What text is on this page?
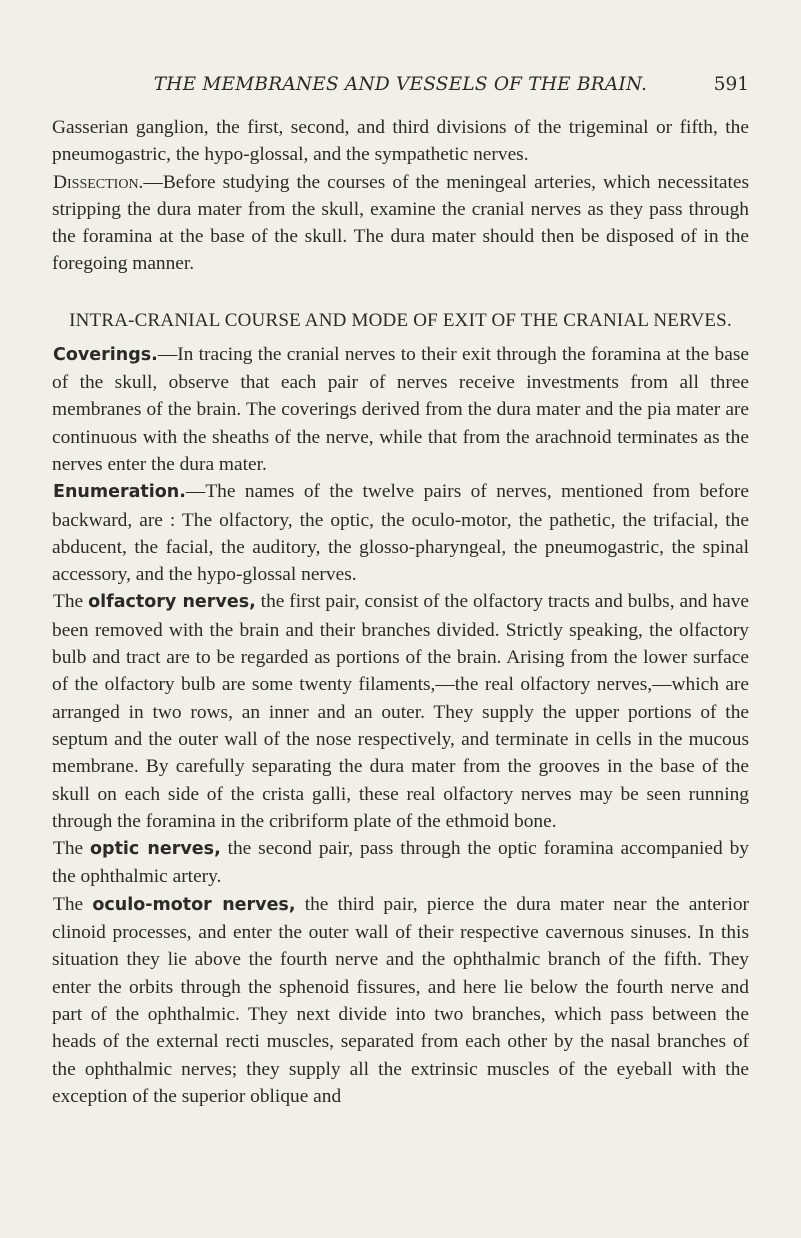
THE MEMBRANES AND VESSELS OF THE BRAIN.	591

Gasserian ganglion, the first, second, and third divisions of the trigeminal or fifth, the pneumogastric, the hypo-glossal, and the sympathetic nerves.

Dissection.—Before studying the courses of the meningeal arteries, which necessitates stripping the dura mater from the skull, examine the cranial nerves as they pass through the foramina at the base of the skull. The dura mater should then be disposed of in the foregoing manner.

INTRA-CRANIAL COURSE AND MODE OF EXIT OF THE CRANIAL NERVES.

Coverings.—In tracing the cranial nerves to their exit through the foramina at the base of the skull, observe that each pair of nerves receive investments from all three membranes of the brain. The coverings derived from the dura mater and the pia mater are continuous with the sheaths of the nerve, while that from the arachnoid terminates as the nerves enter the dura mater.

Enumeration.—The names of the twelve pairs of nerves, mentioned from before backward, are : The olfactory, the optic, the oculo-motor, the pathetic, the trifacial, the abducent, the facial, the auditory, the glosso-pharyngeal, the pneumogastric, the spinal accessory, and the hypo-glossal nerves.

The olfactory nerves, the first pair, consist of the olfactory tracts and bulbs, and have been removed with the brain and their branches divided. Strictly speaking, the olfactory bulb and tract are to be regarded as portions of the brain. Arising from the lower surface of the olfactory bulb are some twenty filaments,—the real olfactory nerves,—which are arranged in two rows, an inner and an outer. They supply the upper portions of the septum and the outer wall of the nose respectively, and terminate in cells in the mucous membrane. By carefully separating the dura mater from the grooves in the base of the skull on each side of the crista galli, these real olfactory nerves may be seen running through the foramina in the cribriform plate of the ethmoid bone.

The optic nerves, the second pair, pass through the optic foramina accompanied by the ophthalmic artery.

The oculo-motor nerves, the third pair, pierce the dura mater near the anterior clinoid processes, and enter the outer wall of their respective cavernous sinuses. In this situation they lie above the fourth nerve and the ophthalmic branch of the fifth. They enter the orbits through the sphenoid fissures, and here lie below the fourth nerve and part of the ophthalmic. They next divide into two branches, which pass between the heads of the external recti muscles, separated from each other by the nasal branches of the ophthalmic nerves; they supply all the extrinsic muscles of the eyeball with the exception of the superior oblique and
